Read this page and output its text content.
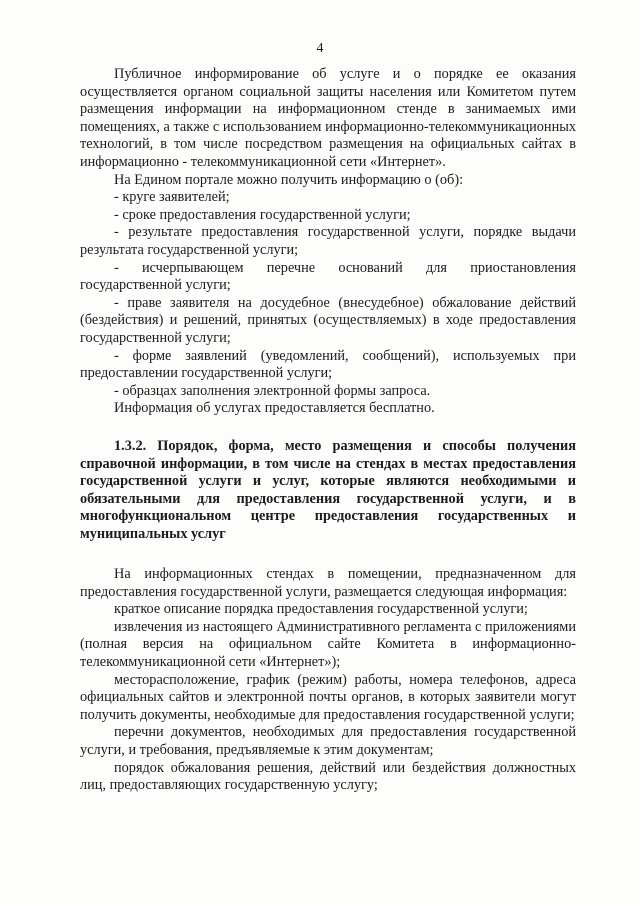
4

Публичное информирование об услуге и о порядке ее оказания осуществляется органом социальной защиты населения или Комитетом путем размещения информации на информационном стенде в занимаемых ими помещениях, а также с использованием информационно-телекоммуникационных технологий, в том числе посредством размещения на официальных сайтах в информационно - телекоммуникационной сети «Интернет».

На Едином портале можно получить информацию о (об):

- круге заявителей;

- сроке предоставления государственной услуги;

- результате предоставления государственной услуги, порядке выдачи результата государственной услуги;

- исчерпывающем перечне оснований для приостановления государственной услуги;

- праве заявителя на досудебное (внесудебное) обжалование действий (бездействия) и решений, принятых (осуществляемых) в ходе предоставления государственной услуги;

- форме заявлений (уведомлений, сообщений), используемых при предоставлении государственной услуги;

- образцах заполнения электронной формы запроса.

Информация об услугах предоставляется бесплатно.

1.3.2. Порядок, форма, место размещения и способы получения справочной информации, в том числе на стендах в местах предоставления государственной услуги и услуг, которые являются необходимыми и обязательными для предоставления государственной услуги, и в многофункциональном центре предоставления государственных и муниципальных услуг

На информационных стендах в помещении, предназначенном для предоставления государственной услуги, размещается следующая информация:

краткое описание порядка предоставления государственной услуги;

извлечения из настоящего Административного регламента с приложениями (полная версия на официальном сайте Комитета в информационно-телекоммуникационной сети «Интернет»);

месторасположение, график (режим) работы, номера телефонов, адреса официальных сайтов и электронной почты органов, в которых заявители могут получить документы, необходимые для предоставления государственной услуги;

перечни документов, необходимых для предоставления государственной услуги, и требования, предъявляемые к этим документам;

порядок обжалования решения, действий или бездействия должностных лиц, предоставляющих государственную услугу;
